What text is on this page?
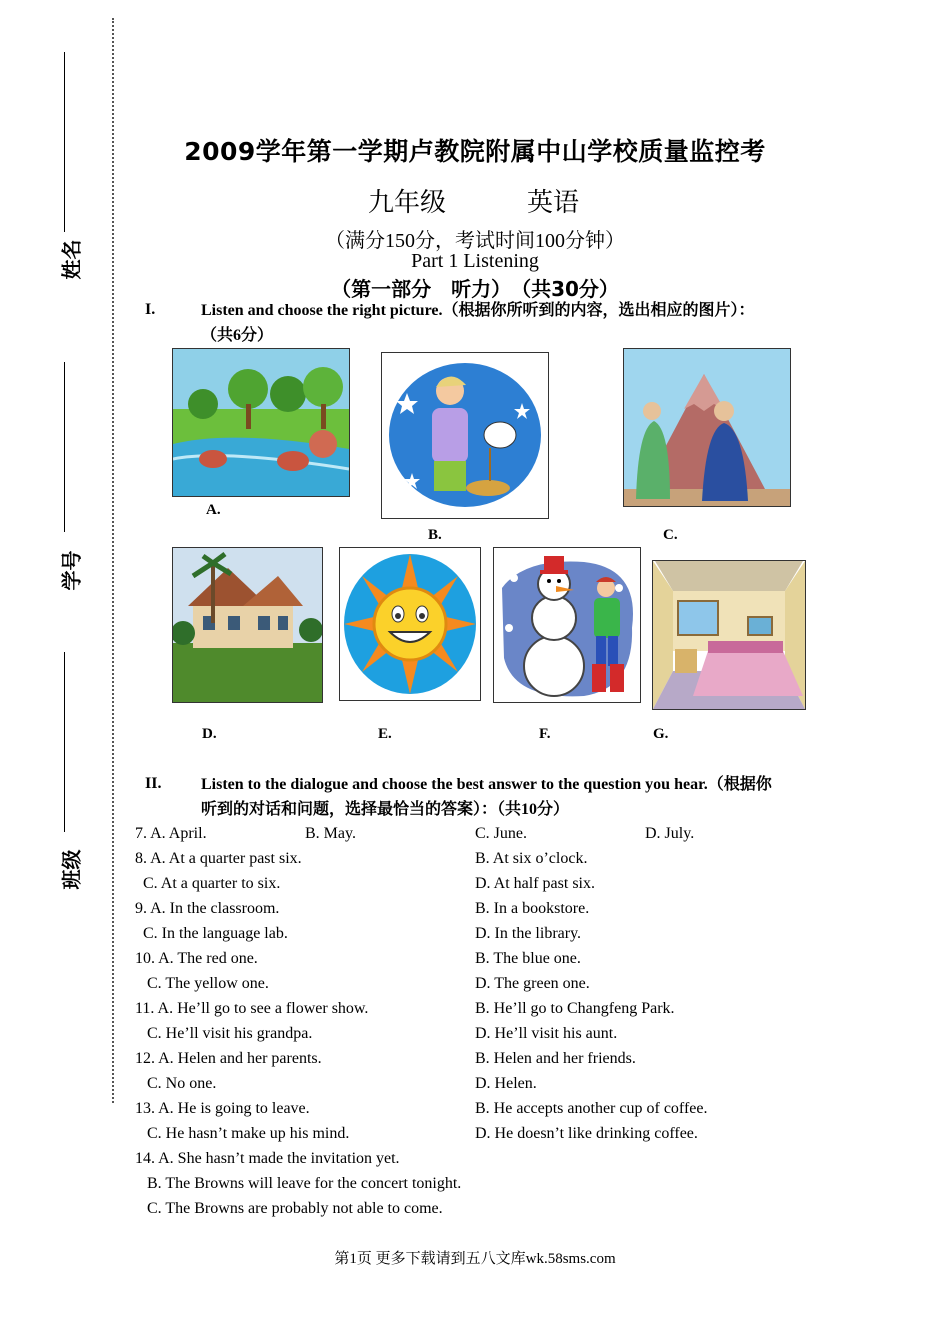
姓名
学号
班级
2009学年第一学期卢教院附属中山学校质量监控考
九年级	英语
（满分150分，考试时间100分钟）
Part 1 Listening
（第一部分　听力）　（共30分）
I.	Listen and choose the right picture.（根据你所听到的内容，选出相应的图片）：
（共6分）
A.
B.	C.
D.	E.	F.	G.
II. Listen to the dialogue and choose the best answer to the question you hear.（根据你
听到的对话和问题，选择最恰当的答案）：（共10分）
7. A. April.	B. May.	C. June.	D. July.
8. A. At a quarter past six.	B. At six o’clock.
C. At a quarter to six.	D. At half past six.
9. A. In the classroom.	B. In a bookstore.
C. In the language lab.	D. In the library.
10. A. The red one.	B. The blue one.
C. The yellow one.	D. The green one.
11. A. He’ll go to see a flower show.	B. He’ll go to Changfeng Park.
C. He’ll visit his grandpa.	D. He’ll visit his aunt.
12. A. Helen and her parents.	B. Helen and her friends.
C. No one.	D. Helen.
13. A. He is going to leave.	B. He accepts another cup of coffee.
C. He hasn’t make up his mind.	D. He doesn’t like drinking coffee.
14. A. She hasn’t made the invitation yet.
B. The Browns will leave for the concert tonight.
C. The Browns are probably not able to come.
第1页 更多下载请到五八文库wk.58sms.com
